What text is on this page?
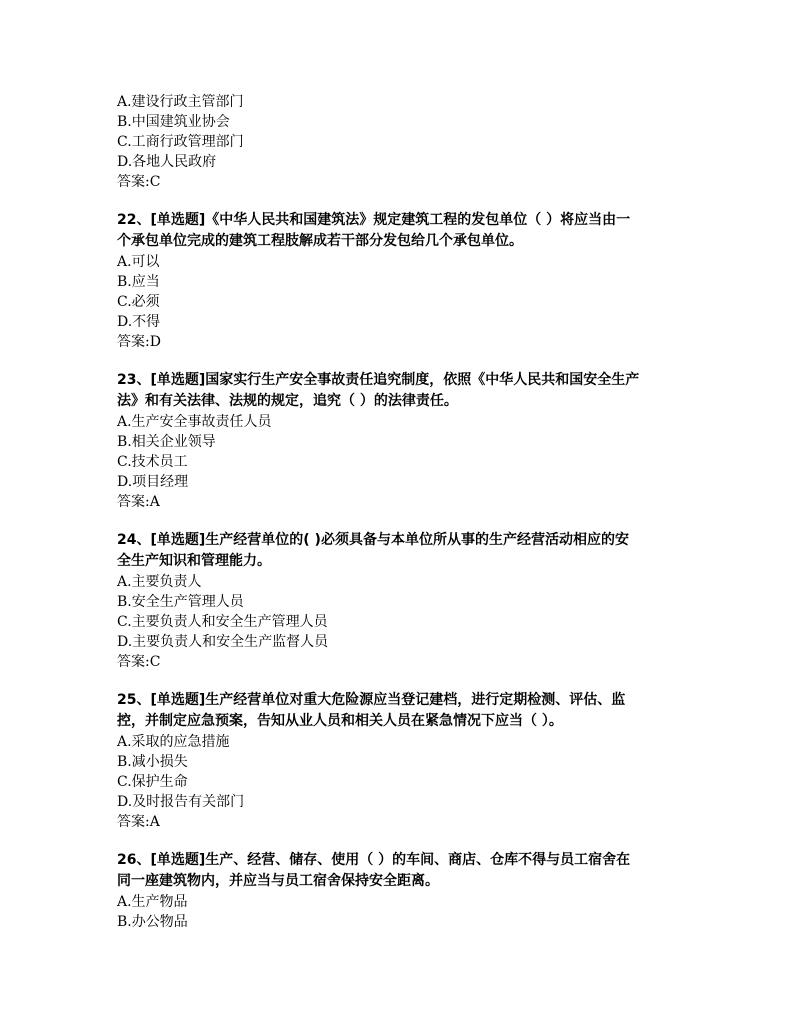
A.建设行政主管部门
B.中国建筑业协会
C.工商行政管理部门
D.各地人民政府
答案:C
22、[单选题]《中华人民共和国建筑法》规定建筑工程的发包单位（ ）将应当由一
个承包单位完成的建筑工程肢解成若干部分发包给几个承包单位。
A.可以
B.应当
C.必须
D.不得
答案:D
23、[单选题]国家实行生产安全事故责任追究制度，依照《中华人民共和国安全生产
法》和有关法律、法规的规定，追究（ ）的法律责任。
A.生产安全事故责任人员
B.相关企业领导
C.技术员工
D.项目经理
答案:A
24、[单选题]生产经营单位的( )必须具备与本单位所从事的生产经营活动相应的安
全生产知识和管理能力。
A.主要负责人
B.安全生产管理人员
C.主要负责人和安全生产管理人员
D.主要负责人和安全生产监督人员
答案:C
25、[单选题]生产经营单位对重大危险源应当登记建档，进行定期检测、评估、监
控，并制定应急预案，告知从业人员和相关人员在紧急情况下应当（ ）。
A.采取的应急措施
B.减小损失
C.保护生命
D.及时报告有关部门
答案:A
26、[单选题]生产、经营、储存、使用（ ）的车间、商店、仓库不得与员工宿舍在
同一座建筑物内，并应当与员工宿舍保持安全距离。
A.生产物品
B.办公物品
